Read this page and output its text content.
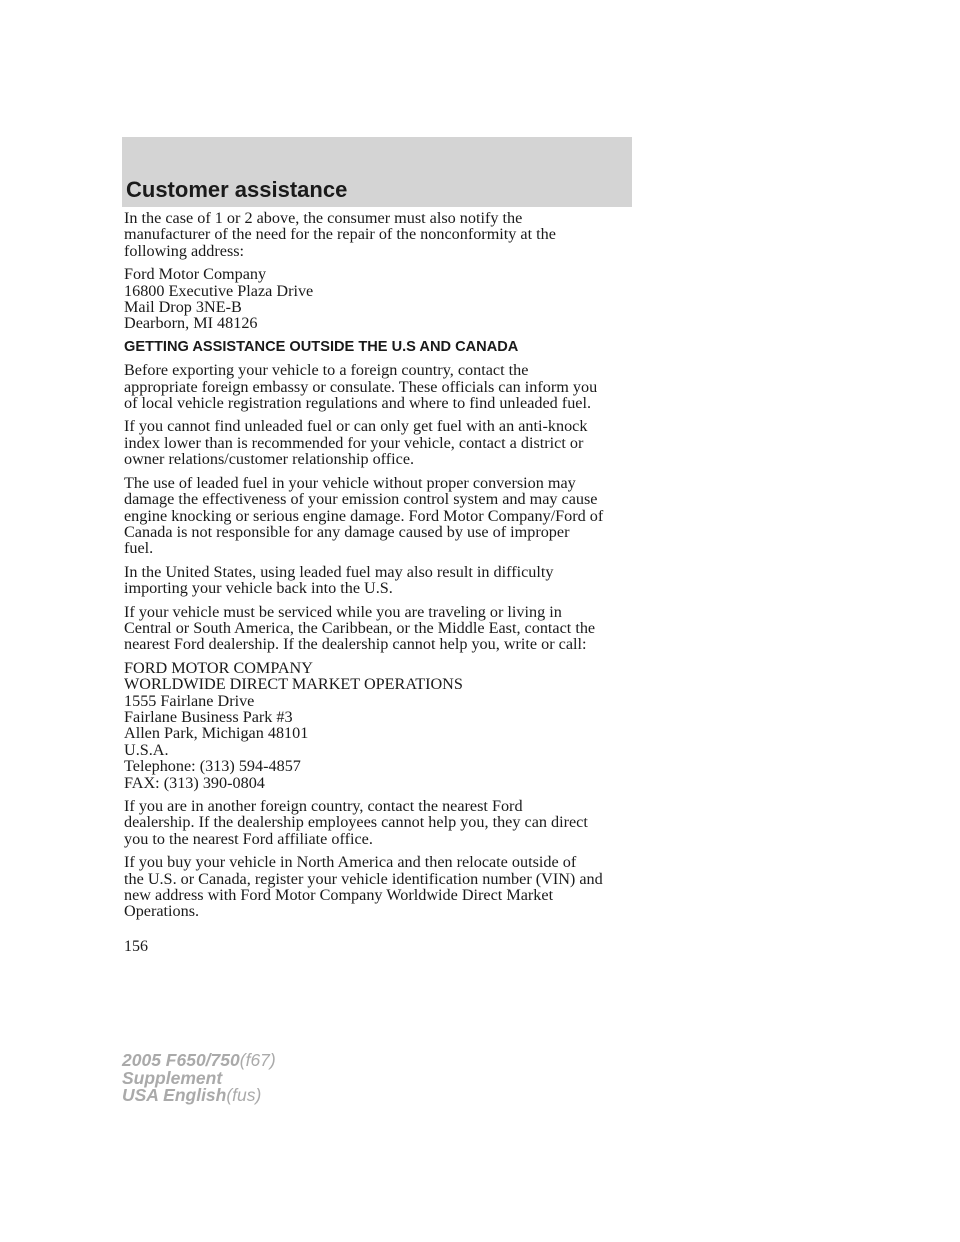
Customer assistance

In the case of 1 or 2 above, the consumer must also notify the
manufacturer of the need for the repair of the nonconformity at the
following address:

Ford Motor Company
16800 Executive Plaza Drive
Mail Drop 3NE-B
Dearborn, MI 48126

GETTING ASSISTANCE OUTSIDE THE U.S AND CANADA

Before exporting your vehicle to a foreign country, contact the
appropriate foreign embassy or consulate. These officials can inform you
of local vehicle registration regulations and where to find unleaded fuel.

If you cannot find unleaded fuel or can only get fuel with an anti-knock
index lower than is recommended for your vehicle, contact a district or
owner relations/customer relationship office.

The use of leaded fuel in your vehicle without proper conversion may
damage the effectiveness of your emission control system and may cause
engine knocking or serious engine damage. Ford Motor Company/Ford of
Canada is not responsible for any damage caused by use of improper
fuel.

In the United States, using leaded fuel may also result in difficulty
importing your vehicle back into the U.S.

If your vehicle must be serviced while you are traveling or living in
Central or South America, the Caribbean, or the Middle East, contact the
nearest Ford dealership. If the dealership cannot help you, write or call:

FORD MOTOR COMPANY
WORLDWIDE DIRECT MARKET OPERATIONS
1555 Fairlane Drive
Fairlane Business Park #3
Allen Park, Michigan 48101
U.S.A.
Telephone: (313) 594-4857
FAX: (313) 390-0804

If you are in another foreign country, contact the nearest Ford
dealership. If the dealership employees cannot help you, they can direct
you to the nearest Ford affiliate office.

If you buy your vehicle in North America and then relocate outside of
the U.S. or Canada, register your vehicle identification number (VIN) and
new address with Ford Motor Company Worldwide Direct Market
Operations.

156
2005 F650/750(f67)
Supplement
USA English(fus)
